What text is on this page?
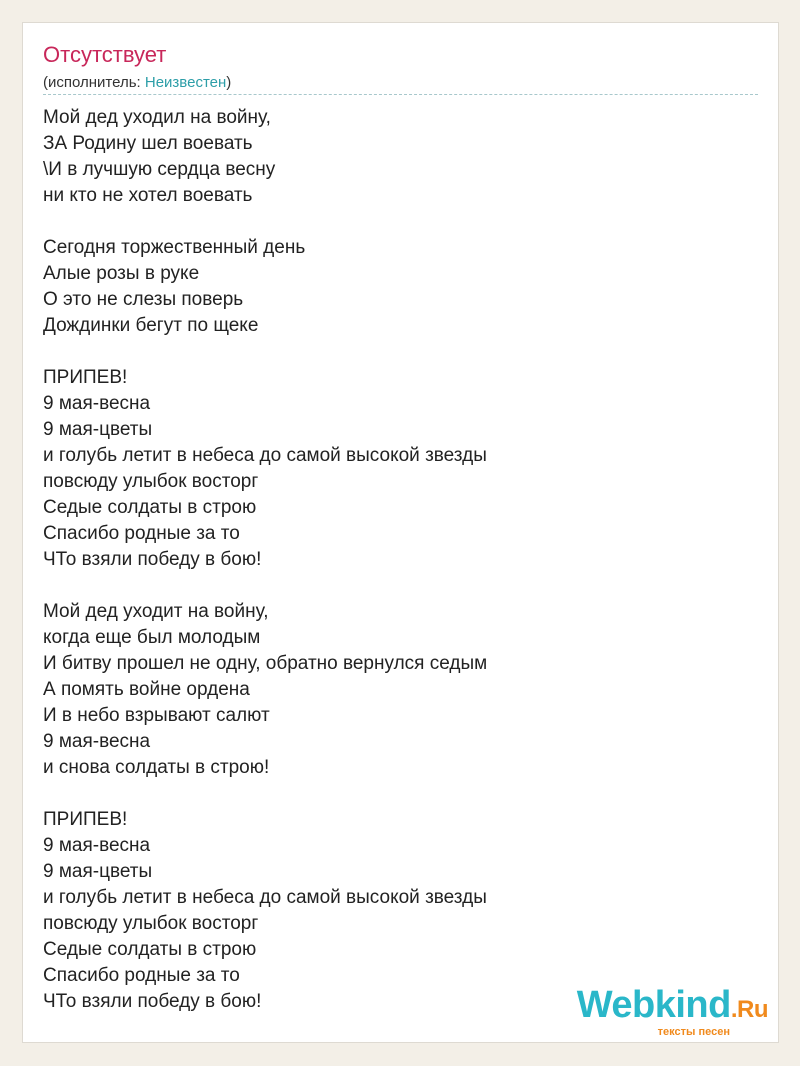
Отсутствует
(исполнитель: Неизвестен)
Мой дед уходил на войну,
ЗА Родину шел воевать
\И в лучшую сердца весну
ни кто не хотел воевать
Сегодня торжественный день
Алые розы в руке
О это не слезы поверь
Дождинки бегут по щеке
ПРИПЕВ!
9 мая-весна
9 мая-цветы
и голубь летит в небеса до самой высокой звезды
повсюду улыбок восторг
Седые солдаты в строю
Спасибо родные за то
ЧТо взяли победу в бою!
Мой дед уходит на войну,
когда еще был молодым
И битву прошел не одну, обратно вернулся седым
А помять войне ордена
И в небо взрывают салют
9 мая-весна
и снова солдаты в строю!
ПРИПЕВ!
9 мая-весна
9 мая-цветы
и голубь летит в небеса до самой высокой звезды
повсюду улыбок восторг
Седые солдаты в строю
Спасибо родные за то
ЧТо взяли победу в бою!	Webkind.Ru
тексты песен
